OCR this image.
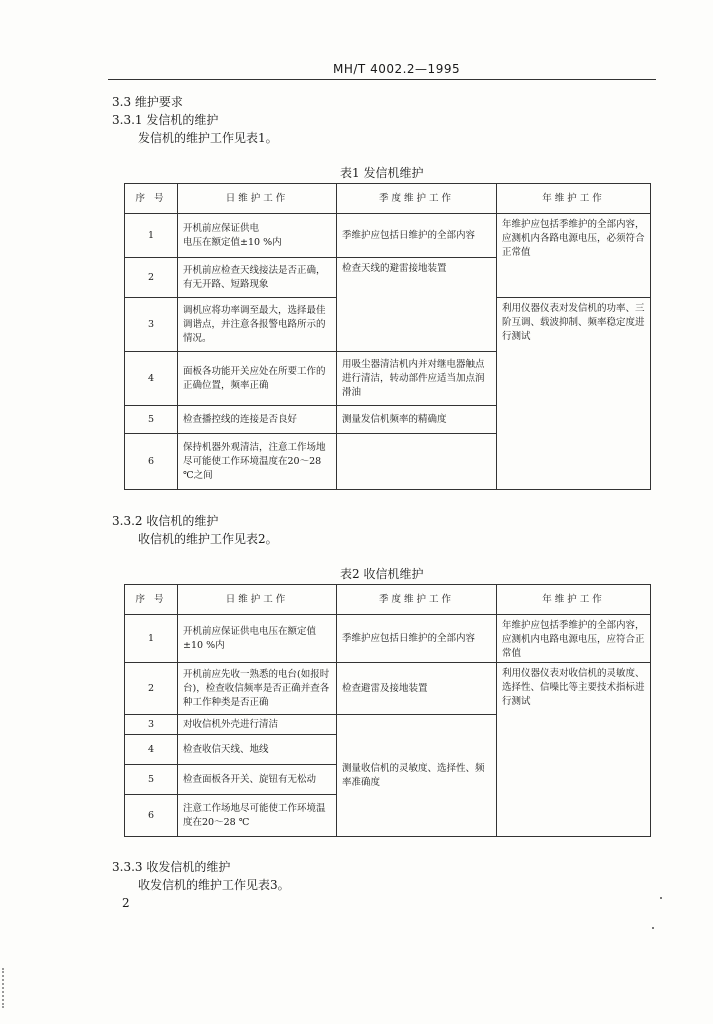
MH/T 4002.2—1995
3.3 维护要求
3.3.1 发信机的维护
发信机的维护工作见表1。
表1 发信机维护
序 号	日维护工作	季度维护工作	年维护工作
1	开机前应保证供电
电压在额定值±10 %内	季维护应包括日维护的全部内容	年维护应包括季维护的全部内容，应测机内各路电源电压，必须符合正常值
2	开机前应检查天线接法是否正确，有无开路、短路现象	检查天线的避雷接地装置	
3	调机应将功率调至最大，选择最佳调谐点，并注意各报警电路所示的情况。		利用仪器仪表对发信机的功率、三阶互调、载波抑制、频率稳定度进行测试
4	面板各功能开关应处在所要工作的正确位置，频率正确	用吸尘器清洁机内并对继电器触点进行清洁，转动部件应适当加点润滑油	
5	检查播控线的连接是否良好	测量发信机频率的精确度	
6	保持机器外观清洁，注意工作场地尽可能使工作环境温度在20～28 ℃之间		
3.3.2 收信机的维护
收信机的维护工作见表2。
表2 收信机维护
序 号	日维护工作	季度维护工作	年维护工作
1	开机前应保证供电电压在额定值±10 %内	季维护应包括日维护的全部内容	年维护应包括季维护的全部内容，应测机内电路电源电压，应符合正常值
2	开机前应先收一熟悉的电台(如报时台)，检查收信频率是否正确并查各种工作种类是否正确	检查避雷及接地装置	利用仪器仪表对收信机的灵敏度、选择性、信噪比等主要技术指标进行测试
3	对收信机外壳进行清洁	测量收信机的灵敏度、选择性、频率准确度	
4	检查收信天线、地线		
5	检查面板各开关、旋钮有无松动		
6	注意工作场地尽可能使工作环境温度在20～28 ℃		
3.3.3 收发信机的维护
收发信机的维护工作见表3。
2
